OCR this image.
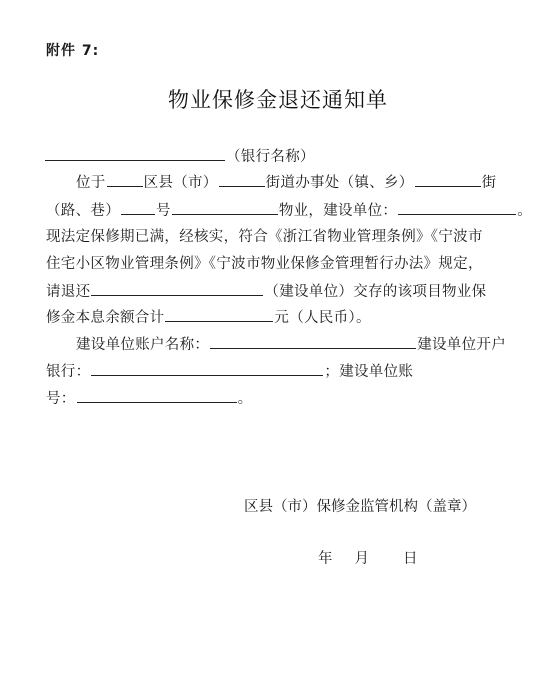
附件 7:
物业保修金退还通知单
（银行名称）
位于	区县（市）	街道办事处（镇、乡）	街
（路、巷） 号	物业，建设单位：	。
现法定保修期已满，经核实，符合《浙江省物业管理条例》《宁波市
住宅小区物业管理条例》《宁波市物业保修金管理暂行办法》规定，
请退还	（建设单位）交存的该项目物业保
修金本息余额合计	元（人民币）。
建设单位账户名称：	建设单位开户
银行：	；建设单位账
号：	。
区县（市）保修金监管机构（盖章）
年 月 日
